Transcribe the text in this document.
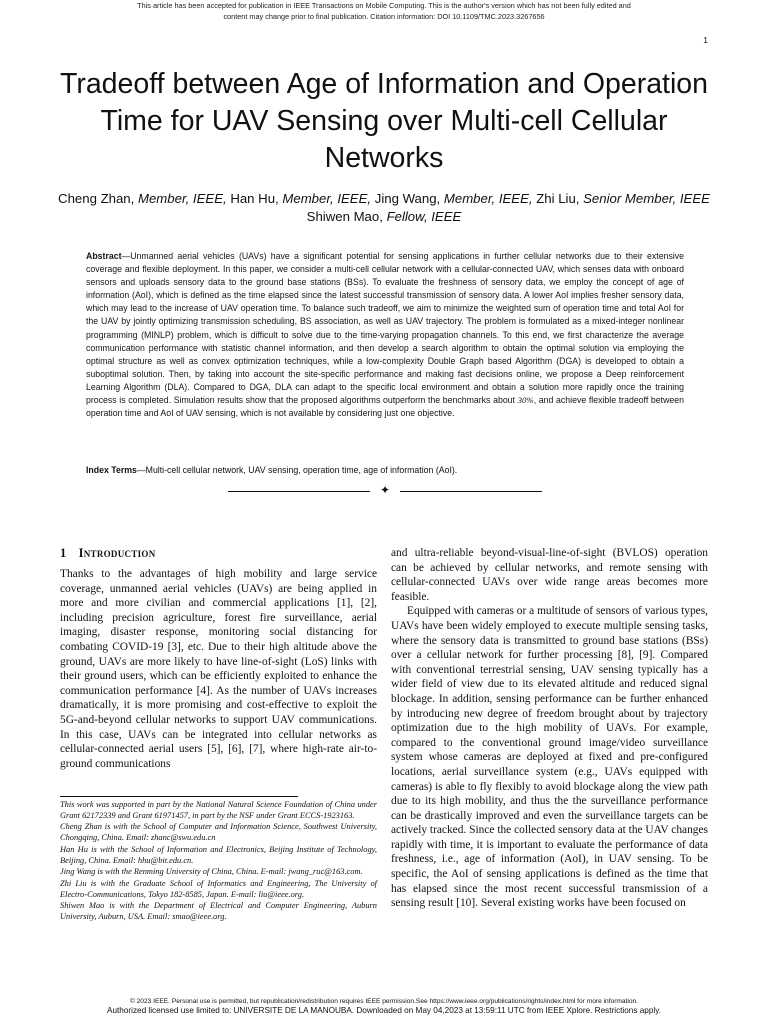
This article has been accepted for publication in IEEE Transactions on Mobile Computing. This is the author's version which has not been fully edited and
content may change prior to final publication. Citation information: DOI 10.1109/TMC.2023.3267656
1
Tradeoff between Age of Information and Operation Time for UAV Sensing over Multi-cell Cellular Networks
Cheng Zhan, Member, IEEE, Han Hu, Member, IEEE, Jing Wang, Member, IEEE, Zhi Liu, Senior Member, IEEE Shiwen Mao, Fellow, IEEE

Abstract—Unmanned aerial vehicles (UAVs) have a significant potential for sensing applications in further cellular networks due to their extensive coverage and flexible deployment. In this paper, we consider a multi-cell cellular network with a cellular-connected UAV, which senses data with onboard sensors and uploads sensory data to the ground base stations (BSs). To evaluate the freshness of sensory data, we employ the concept of age of information (AoI), which is defined as the time elapsed since the latest successful transmission of sensory data. A lower AoI implies fresher sensory data, which may lead to the increase of UAV operation time. To balance such tradeoff, we aim to minimize the weighted sum of operation time and total AoI for the UAV by jointly optimizing transmission scheduling, BS association, as well as UAV trajectory. The problem is formulated as a mixed-integer nonlinear programming (MINLP) problem, which is difficult to solve due to the time-varying propagation channels. To this end, we first characterize the average communication performance with statistic channel information, and then develop a search algorithm to obtain the optimal solution via employing the optimal structure as well as convex optimization techniques, while a low-complexity Double Graph based Algorithm (DGA) is developed to obtain a suboptimal solution. Then, by taking into account the site-specific performance and making fast decisions online, we propose a Deep reinforcement Learning Algorithm (DLA). Compared to DGA, DLA can adapt to the specific local environment and obtain a solution more rapidly once the training process is completed. Simulation results show that the proposed algorithms outperform the benchmarks about 30%, and achieve flexible tradeoff between operation time and AoI of UAV sensing, which is not available by considering just one objective.

Index Terms—Multi-cell cellular network, UAV sensing, operation time, age of information (AoI).

✦
1 Introduction

Thanks to the advantages of high mobility and large service coverage, unmanned aerial vehicles (UAVs) are being applied in more and more civilian and commercial applications [1], [2], including precision agriculture, forest fire surveillance, aerial imaging, disaster response, monitoring social distancing for combating COVID-19 [3], etc. Due to their high altitude above the ground, UAVs are more likely to have line-of-sight (LoS) links with their ground users, which can be efficiently exploited to enhance the communication performance [4]. As the number of UAVs increases dramatically, it is more promising and cost-effective to exploit the 5G-and-beyond cellular networks to support UAV communications. In this case, UAVs can be integrated into cellular networks as cellular-connected aerial users [5], [6], [7], where high-rate air-to-ground communications

and ultra-reliable beyond-visual-line-of-sight (BVLOS) operation can be achieved by cellular networks, and remote sensing with cellular-connected UAVs over wide range areas becomes more feasible.

Equipped with cameras or a multitude of sensors of various types, UAVs have been widely employed to execute multiple sensing tasks, where the sensory data is transmitted to ground base stations (BSs) over a cellular network for further processing [8], [9]. Compared with conventional terrestrial sensing, UAV sensing typically has a wider field of view due to its elevated altitude and reduced signal blockage. In addition, sensing performance can be further enhanced by introducing new degree of freedom brought about by trajectory optimization due to the high mobility of UAVs. For example, compared to the conventional ground image/video surveillance system whose cameras are deployed at fixed and pre-configured locations, aerial surveillance system (e.g., UAVs equipped with cameras) is able to fly flexibly to avoid blockage along the view path due to its high mobility, and thus the the surveillance performance can be drastically improved and even the surveillance targets can be actively tracked. Since the collected sensory data at the UAV changes rapidly with time, it is important to evaluate the performance of data freshness, i.e., age of information (AoI), in UAV sensing. To be specific, the AoI of sensing applications is defined as the time that has elapsed since the most recent successful transmission of a sensing result [10]. Several existing works have been focused on

This work was supported in part by the National Natural Science Foundation of China under Grant 62172339 and Grant 61971457, in part by the NSF under Grant ECCS-1923163.

Cheng Zhan is with the School of Computer and Information Science, Southwest University, Chongqing, China. Email: zhanc@swu.edu.cn

Han Hu is with the School of Information and Electronics, Beijing Institute of Technology, Beijing, China. Email: hhu@bit.edu.cn.

Jing Wang is with the Renming University of China, China. E-mail: jwang_ruc@163.com.

Zhi Liu is with the Graduate School of Informatics and Engineering, The University of Electro-Communications, Tokyo 182-8585, Japan. E-mail: liu@ieee.org.

Shiwen Mao is with the Department of Electrical and Computer Engineering, Auburn University, Auburn, USA. Email: smao@ieee.org.

© 2023 IEEE. Personal use is permitted, but republication/redistribution requires IEEE permission.See https://www.ieee.org/publications/rights/index.html for more information.
Authorized licensed use limited to: UNIVERSITE DE LA MANOUBA. Downloaded on May 04,2023 at 13:59:11 UTC from IEEE Xplore. Restrictions apply.
